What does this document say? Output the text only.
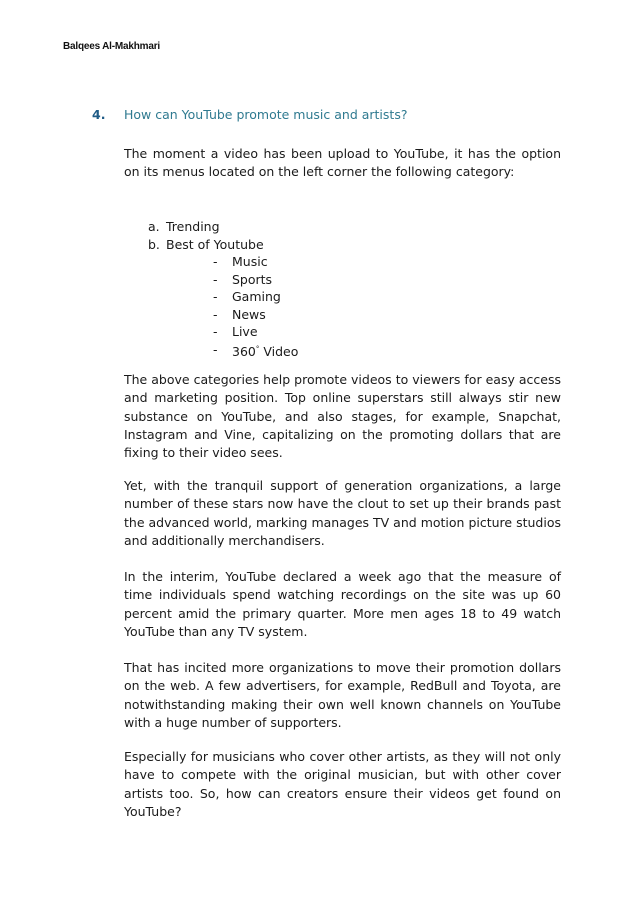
Balqees Al-Makhmari
4. How can YouTube promote music and artists?

The moment a video has been upload to YouTube, it has the option on its menus located on the left corner the following category:

a. Trending
b. Best of Youtube
- Music
- Sports
- Gaming
- News
- Live
- 360° Video

The above categories help promote videos to viewers for easy access and marketing position. Top online superstars still always stir new substance on YouTube, and also stages, for example, Snapchat, Instagram and Vine, capitalizing on the promoting dollars that are fixing to their video sees.

Yet, with the tranquil support of generation organizations, a large number of these stars now have the clout to set up their brands past the advanced world, marking manages TV and motion picture studios and additionally merchandisers.

In the interim, YouTube declared a week ago that the measure of time individuals spend watching recordings on the site was up 60 percent amid the primary quarter. More men ages 18 to 49 watch YouTube than any TV system.

That has incited more organizations to move their promotion dollars on the web. A few advertisers, for example, RedBull and Toyota, are notwithstanding making their own well known channels on YouTube with a huge number of supporters.

Especially for musicians who cover other artists, as they will not only have to compete with the original musician, but with other cover artists too. So, how can creators ensure their videos get found on YouTube?
